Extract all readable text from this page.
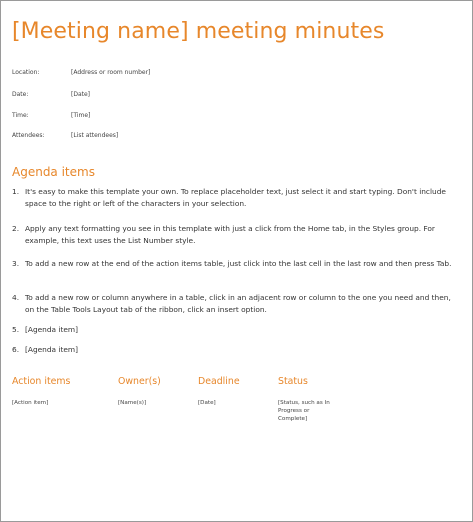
[Meeting name] meeting minutes
Location:	[Address or room number]
Date:	[Date]
Time:	[Time]
Attendees:	[List attendees]
Agenda items
1. It's easy to make this template your own. To replace placeholder text, just select it and start typing. Don't include space to the right or left of the characters in your selection.
2. Apply any text formatting you see in this template with just a click from the Home tab, in the Styles group. For example, this text uses the List Number style.
3. To add a new row at the end of the action items table, just click into the last cell in the last row and then press Tab.
4. To add a new row or column anywhere in a table, click in an adjacent row or column to the one you need and then, on the Table Tools Layout tab of the ribbon, click an insert option.
5. [Agenda item]
6. [Agenda item]
Action items	Owner(s)	Deadline	Status
[Action item]	[Name(s)]	[Date]	[Status, such as In Progress or Complete]
